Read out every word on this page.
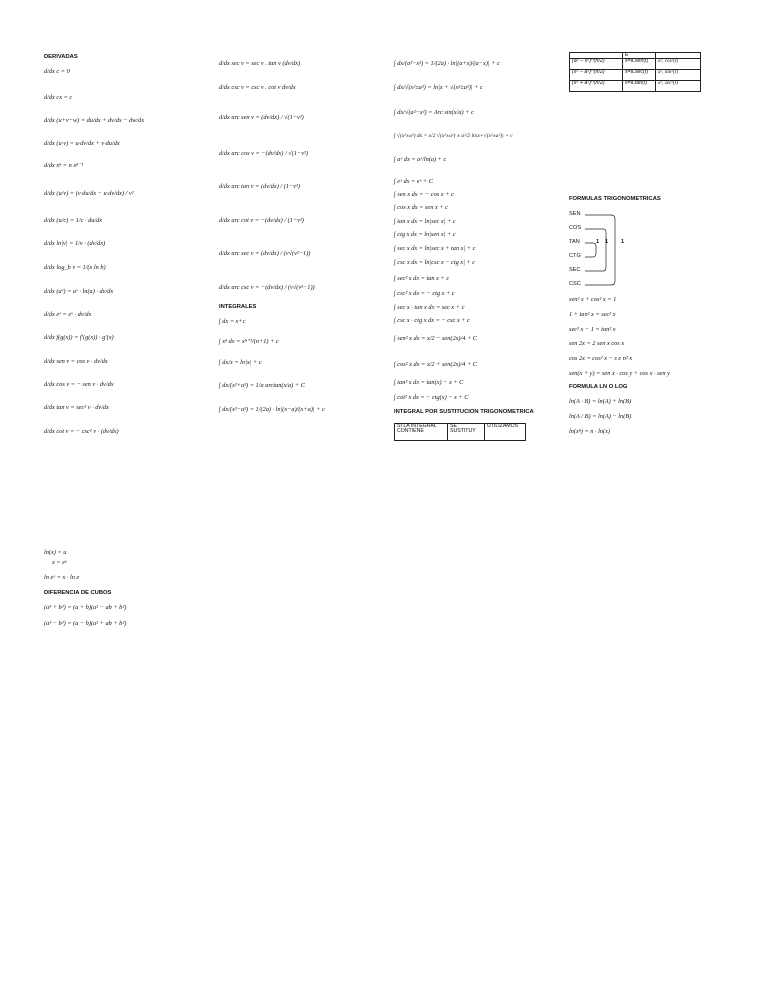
DERIVADAS
d/dx c = 0
d/dx cx = c
d/dx (u+v−w) = du/dx + dv/dx − dw/dx
d/dx (u·v) = u·dv/dx + v·du/dx
d/dx xⁿ = n xⁿ⁻¹
d/dx (u/v) = (v·du/dx − u·dv/dx) / v²
d/dx (u/c) = 1/c · du/dx
d/dx ln|v| = 1/v · (dv/dx)
d/dx log_b v = 1/(x ln b)
d/dx (aᵛ) = aᵛ · ln(a) · dv/dx
d/dx eᵛ = eᵛ · dv/dx
d/dx f(g(x)) = f′(g(x)) · g′(x)
d/dx sen v = cos v · dv/dx
d/dx cos v = − sen v · dv/dx
d/dx tan v = sec² v · dv/dx
d/dx cot v = − csc² v · (dv/dx)
d/dx sec v = sec v . tan v (dv/dx)
d/dx csc v = csc v . cot v dv/dx
d/dx arc sen v = (dv/dx) / √(1−v²)
d/dx arc cos v = −(dv/dx) / √(1−v²)
d/dx arc tan v = (dv/dx) / (1−v²)
d/dx arc cot v = −(dv/dx) / (1−v²)
d/dx arc sec v = (dv/dx) / (v√(v²−1))
d/dx arc csc v = −(dv/dx) / (v√(v²−1))
INTEGRALES
∫ dx = x+c
∫ xⁿ dx = xⁿ⁺¹/(n+1) + c
∫ dx/x = ln|x| + c
∫ dx/(x²+a²) = 1/a arctan(x/a) + C
∫ dx/(x²−a²) = 1/(2a) · ln|(x−a)/(x+a)| + c
∫ dx/(a²−x²) = 1/(2a) · ln|(a+x)/(a−x)| + c
∫ dx/√(x²±a²) = ln|x + √(x²±a²)| + c
∫ dx/√(a²−x²) = Arc sin(x/a) + c
∫ √(x²±a²) dx = x/2 √(x²±a²) ± a²/2 ln|x+√(x²±a²)| + c
∫ aˣ dx = aˣ/ln(a) + c
∫ eˣ dx = eˣ + C
∫ sen x dx = − cos x + c
∫ cos x dx = sen x + c
∫ tan x dx = ln|sec x| + c
∫ ctg x dx = ln|sen x| + c
∫ sec x dx = ln|sec x + tan x| + c
∫ csc x dx = ln|csc x − ctg x| + c
∫ sec² x dx = tan x + c
∫ csc² x dx = − ctg x + c
∫ sec x · tan x dx = sec x + c
∫ csc x · ctg x dx = − csc x + c
∫ sen² x dx = x/2 − sen(2x)/4 + C
∫ cos² x dx = x/2 + sen(2x)/4 + C
∫ tan² x dx = tan(x) − x + C
∫ cot² x dx = − ctg(x) − x + C
INTEGRAL POR SUSTITUCION TRIGONOMETRICA
SI LA INTEGRAL CONTIENE	SE SUSTITUY	UTILIZAMOS
	E	
(a² − x²)^(n/2)	x=a.sen(t)	a², cos²(t)
(x² − a²)^(n/2)	x=a.sec(t)	a², tan²(t)
(x² + a²)^(n/2)	x=a.tan(t)	a², sec²(t)
FORMULAS TRIGONOMETRICAS
SEN
COS
TAN
CTG
SEC
CSC
1 1 1
sen² x + cos² x = 1
1 + tan² x = sec² x
sec² x − 1 = tan² x
sen 2x = 2 sen x cos x
cos 2x = cos² x − s e n² x
sen(x + y) = sen x · cos y + cos x · sen y
FORMULA LN O LOG
ln(A · B) = ln(A) + ln(B)
ln(A / B) = ln(A) − ln(B)
ln(xⁿ) = n · ln(x)
ln(x) = u
x = eᵘ
ln eˣ = x · ln e
DIFERENCIA DE CUBOS
(a³ + b³) = (a + b)(a² − ab + b²)
(a³ − b³) = (a − b)(a² + ab + b²)
